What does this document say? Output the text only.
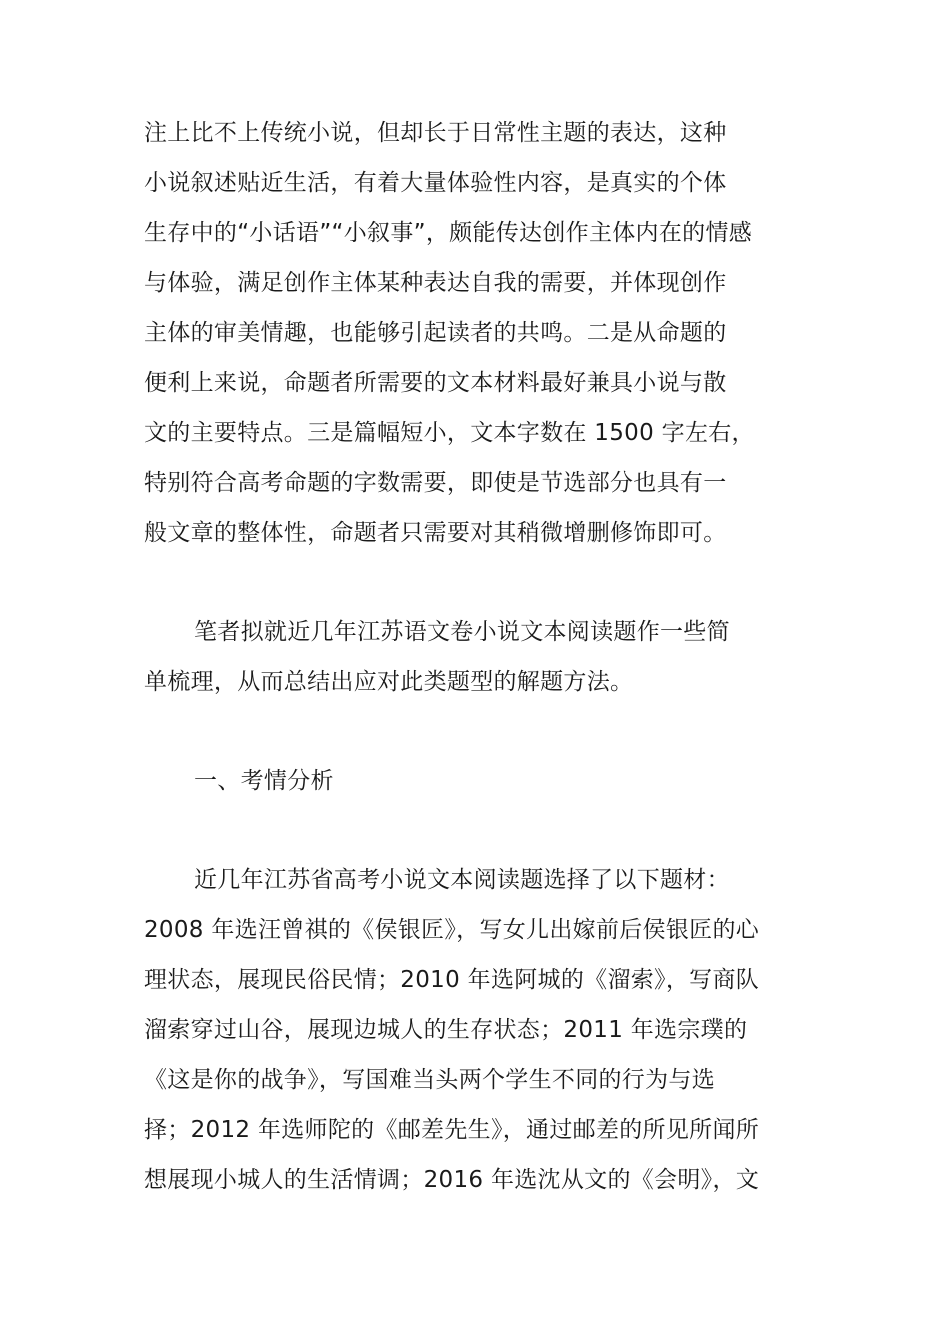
注上比不上传统小说，但却长于日常性主题的表达，这种
小说叙述贴近生活，有着大量体验性内容，是真实的个体
生存中的“小话语”“小叙事”，颇能传达创作主体内在的情感
与体验，满足创作主体某种表达自我的需要，并体现创作
主体的审美情趣，也能够引起读者的共鸣。二是从命题的
便利上来说，命题者所需要的文本材料最好兼具小说与散
文的主要特点。三是篇幅短小，文本字数在 1500 字左右，
特别符合高考命题的字数需要，即使是节选部分也具有一
般文章的整体性，命题者只需要对其稍微增删修饰即可。
笔者拟就近几年江苏语文卷小说文本阅读题作一些简
单梳理，从而总结出应对此类题型的解题方法。
一、考情分析
近几年江苏省高考小说文本阅读题选择了以下题材：
2008 年选汪曾祺的《侯银匠》，写女儿出嫁前后侯银匠的心
理状态，展现民俗民情；2010 年选阿城的《溜索》，写商队
溜索穿过山谷，展现边城人的生存状态；2011 年选宗璞的
《这是你的战争》，写国难当头两个学生不同的行为与选
择；2012 年选师陀的《邮差先生》，通过邮差的所见所闻所
想展现小城人的生活情调；2016 年选沈从文的《会明》，文
